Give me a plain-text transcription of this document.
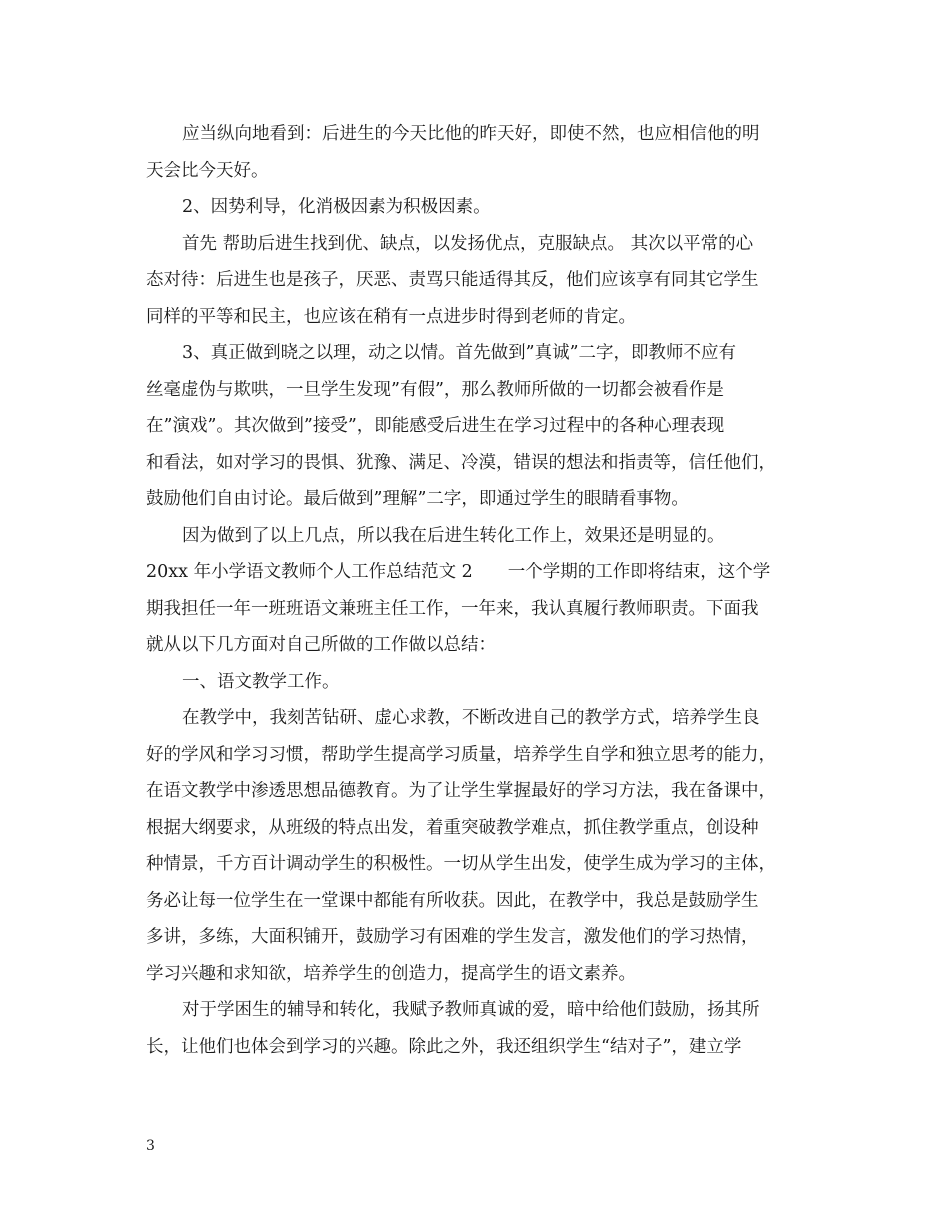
应当纵向地看到：后进生的今天比他的昨天好，即使不然，也应相信他的明
天会比今天好。
2、因势利导，化消极因素为积极因素。
首先 帮助后进生找到优、缺点，以发扬优点，克服缺点。 其次以平常的心
态对待：后进生也是孩子，厌恶、责骂只能适得其反，他们应该享有同其它学生
同样的平等和民主，也应该在稍有一点进步时得到老师的肯定。
3、真正做到晓之以理，动之以情。首先做到”真诚”二字，即教师不应有
丝毫虚伪与欺哄，一旦学生发现”有假”，那么教师所做的一切都会被看作是
在”演戏”。其次做到”接受”，即能感受后进生在学习过程中的各种心理表现
和看法，如对学习的畏惧、犹豫、满足、冷漠，错误的想法和指责等，信任他们，
鼓励他们自由讨论。最后做到”理解”二字，即通过学生的眼睛看事物。
因为做到了以上几点，所以我在后进生转化工作上，效果还是明显的。
20xx 年小学语文教师个人工作总结范文 2　　一个学期的工作即将结束，这个学
期我担任一年一班班语文兼班主任工作，一年来，我认真履行教师职责。下面我
就从以下几方面对自己所做的工作做以总结：
一、语文教学工作。
在教学中，我刻苦钻研、虚心求教，不断改进自己的教学方式，培养学生良
好的学风和学习习惯，帮助学生提高学习质量，培养学生自学和独立思考的能力，
在语文教学中渗透思想品德教育。为了让学生掌握最好的学习方法，我在备课中，
根据大纲要求，从班级的特点出发，着重突破教学难点，抓住教学重点，创设种
种情景，千方百计调动学生的积极性。一切从学生出发，使学生成为学习的主体，
务必让每一位学生在一堂课中都能有所收获。因此，在教学中，我总是鼓励学生
多讲，多练，大面积铺开，鼓励学习有困难的学生发言，激发他们的学习热情，
学习兴趣和求知欲，培养学生的创造力，提高学生的语文素养。
对于学困生的辅导和转化，我赋予教师真诚的爱，暗中给他们鼓励，扬其所
长，让他们也体会到学习的兴趣。除此之外，我还组织学生“结对子”，建立学
3
